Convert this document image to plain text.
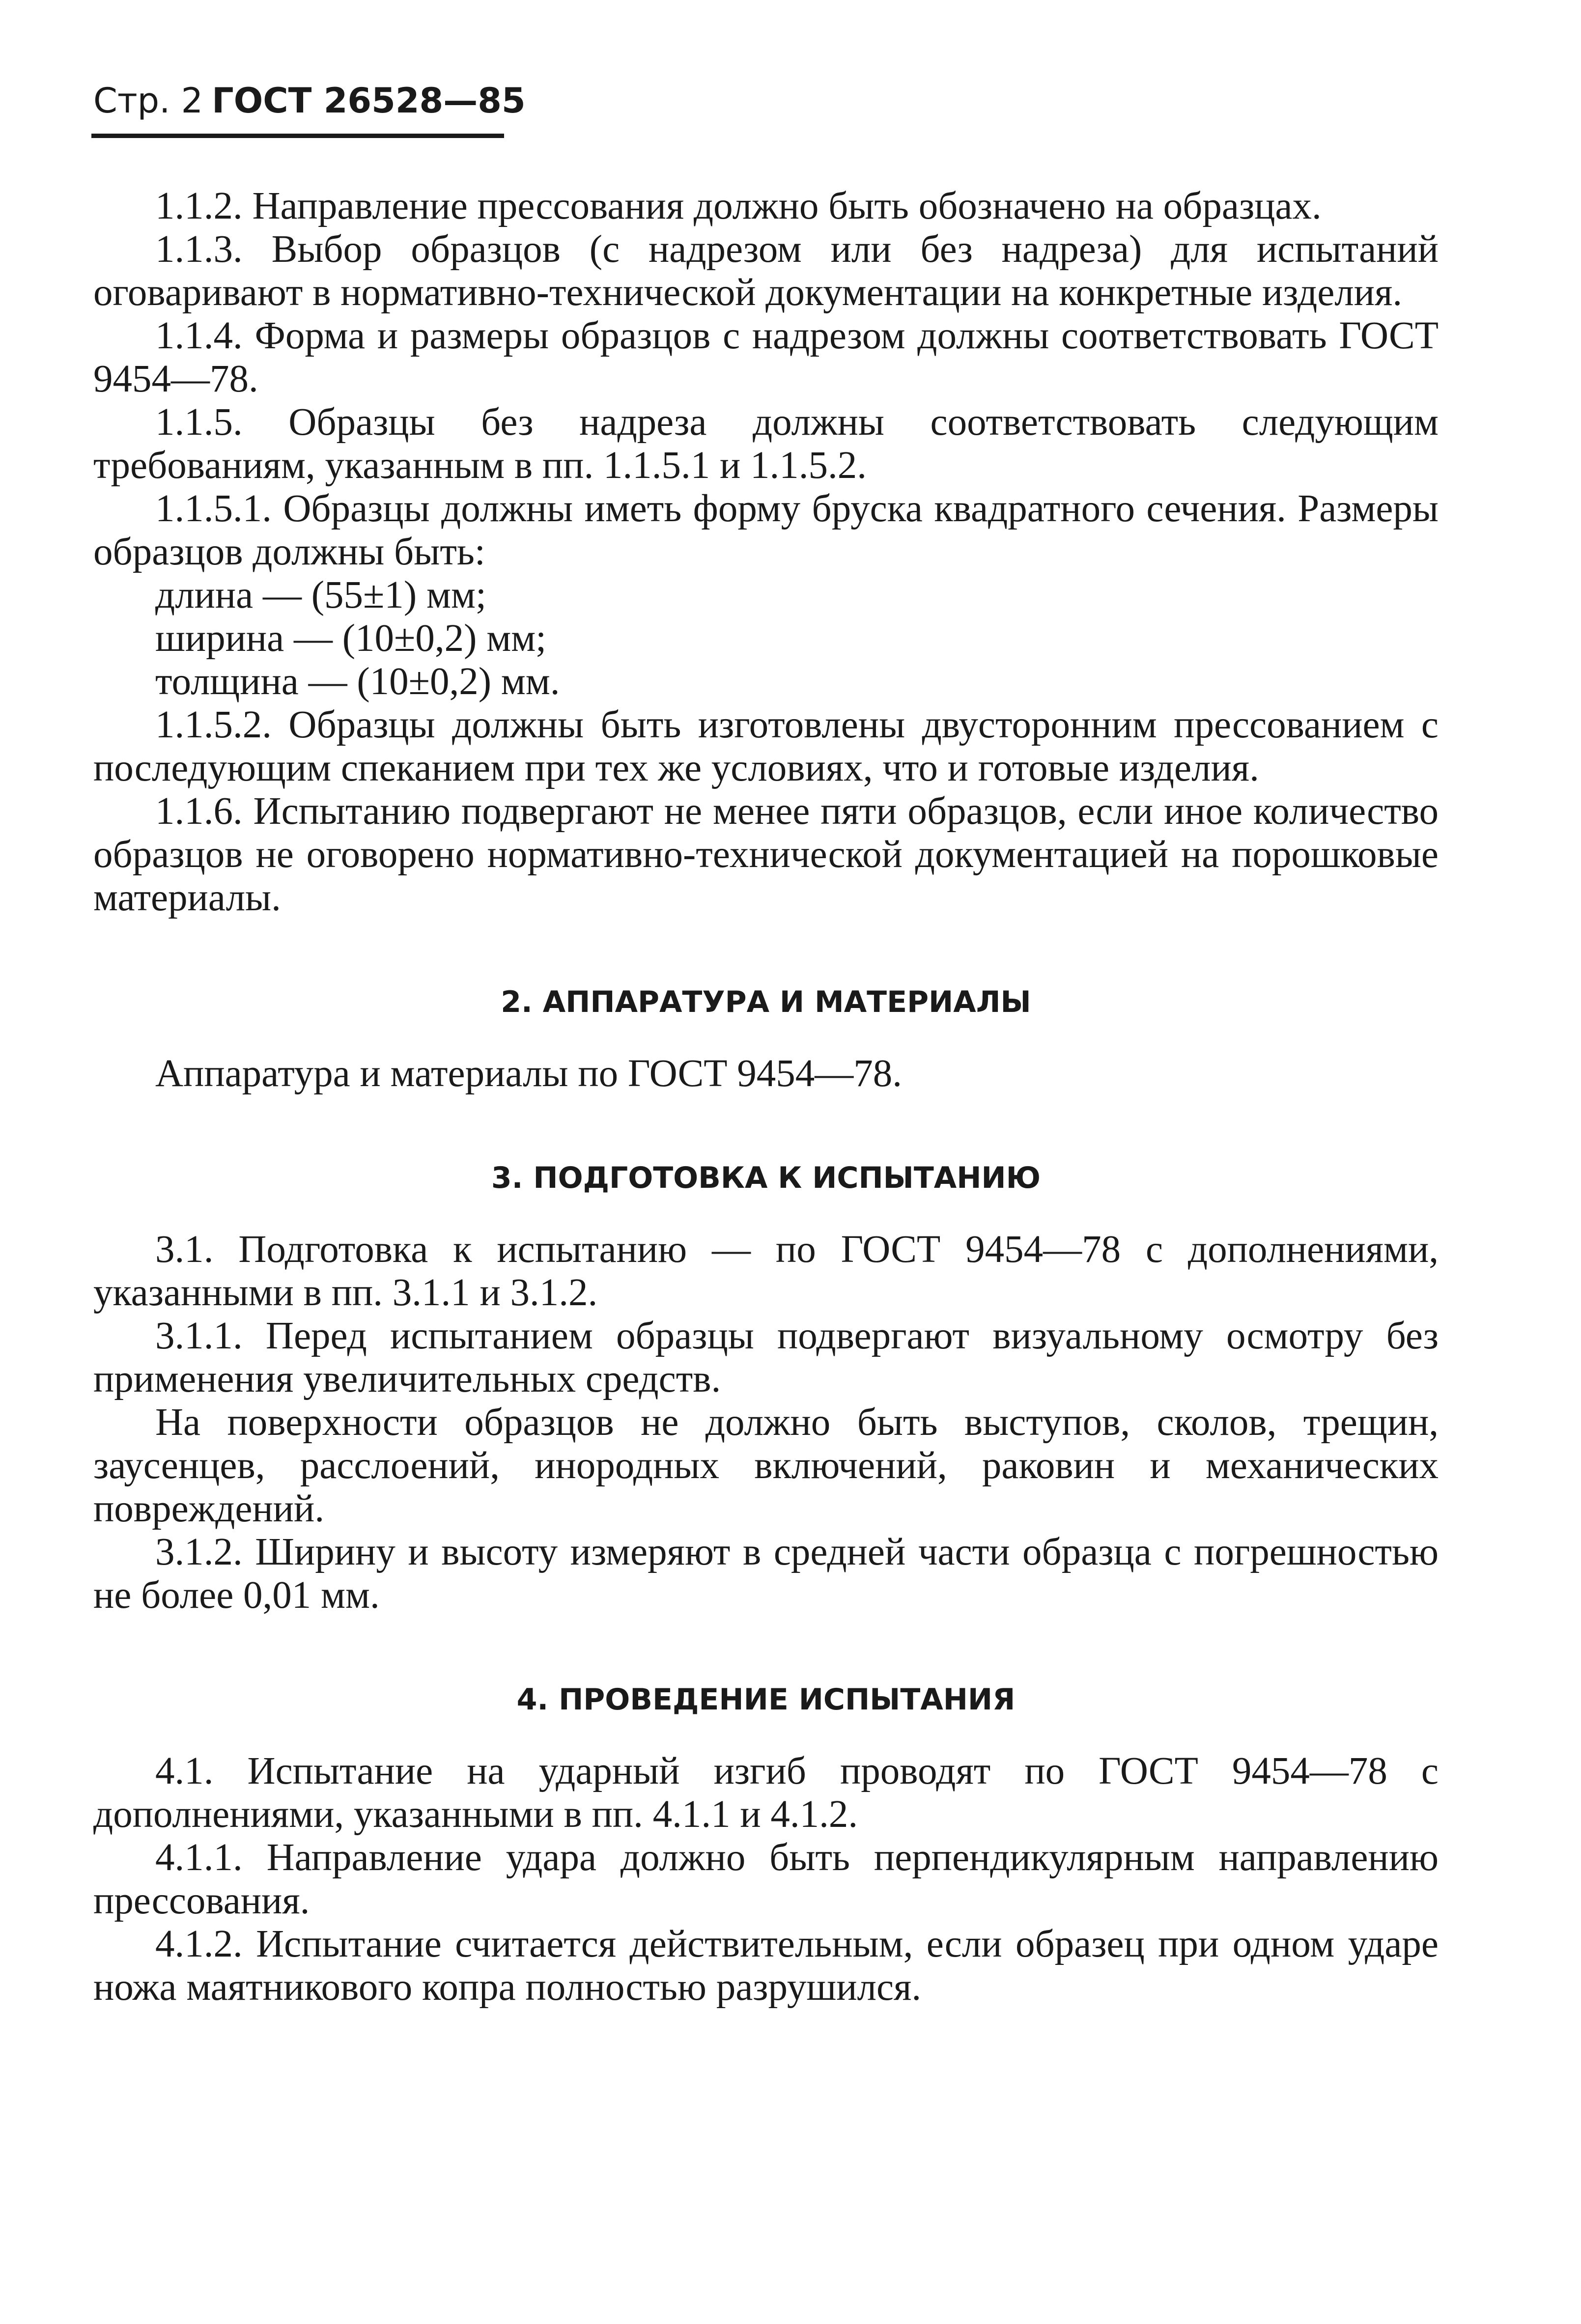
Стр. 2 ГОСТ 26528—85

1.1.2. Направление прессования должно быть обозначено на образцах.

1.1.3. Выбор образцов (с надрезом или без надреза) для испытаний оговаривают в нормативно-технической документации на конкретные изделия.

1.1.4. Форма и размеры образцов с надрезом должны соответствовать ГОСТ 9454—78.

1.1.5. Образцы без надреза должны соответствовать следующим требованиям, указанным в пп. 1.1.5.1 и 1.1.5.2.

1.1.5.1. Образцы должны иметь форму бруска квадратного сечения. Размеры образцов должны быть:

длина — (55±1) мм;

ширина — (10±0,2) мм;

толщина — (10±0,2) мм.

1.1.5.2. Образцы должны быть изготовлены двусторонним прессованием с последующим спеканием при тех же условиях, что и готовые изделия.

1.1.6. Испытанию подвергают не менее пяти образцов, если иное количество образцов не оговорено нормативно-технической документацией на порошковые материалы.

2. АППАРАТУРА И МАТЕРИАЛЫ

Аппаратура и материалы по ГОСТ 9454—78.

3. ПОДГОТОВКА К ИСПЫТАНИЮ

3.1. Подготовка к испытанию — по ГОСТ 9454—78 с дополнениями, указанными в пп. 3.1.1 и 3.1.2.

3.1.1. Перед испытанием образцы подвергают визуальному осмотру без применения увеличительных средств.

На поверхности образцов не должно быть выступов, сколов, трещин, заусенцев, расслоений, инородных включений, раковин и механических повреждений.

3.1.2. Ширину и высоту измеряют в средней части образца с погрешностью не более 0,01 мм.

4. ПРОВЕДЕНИЕ ИСПЫТАНИЯ

4.1. Испытание на ударный изгиб проводят по ГОСТ 9454—78 с дополнениями, указанными в пп. 4.1.1 и 4.1.2.

4.1.1. Направление удара должно быть перпендикулярным направлению прессования.

4.1.2. Испытание считается действительным, если образец при одном ударе ножа маятникового копра полностью разрушился.
